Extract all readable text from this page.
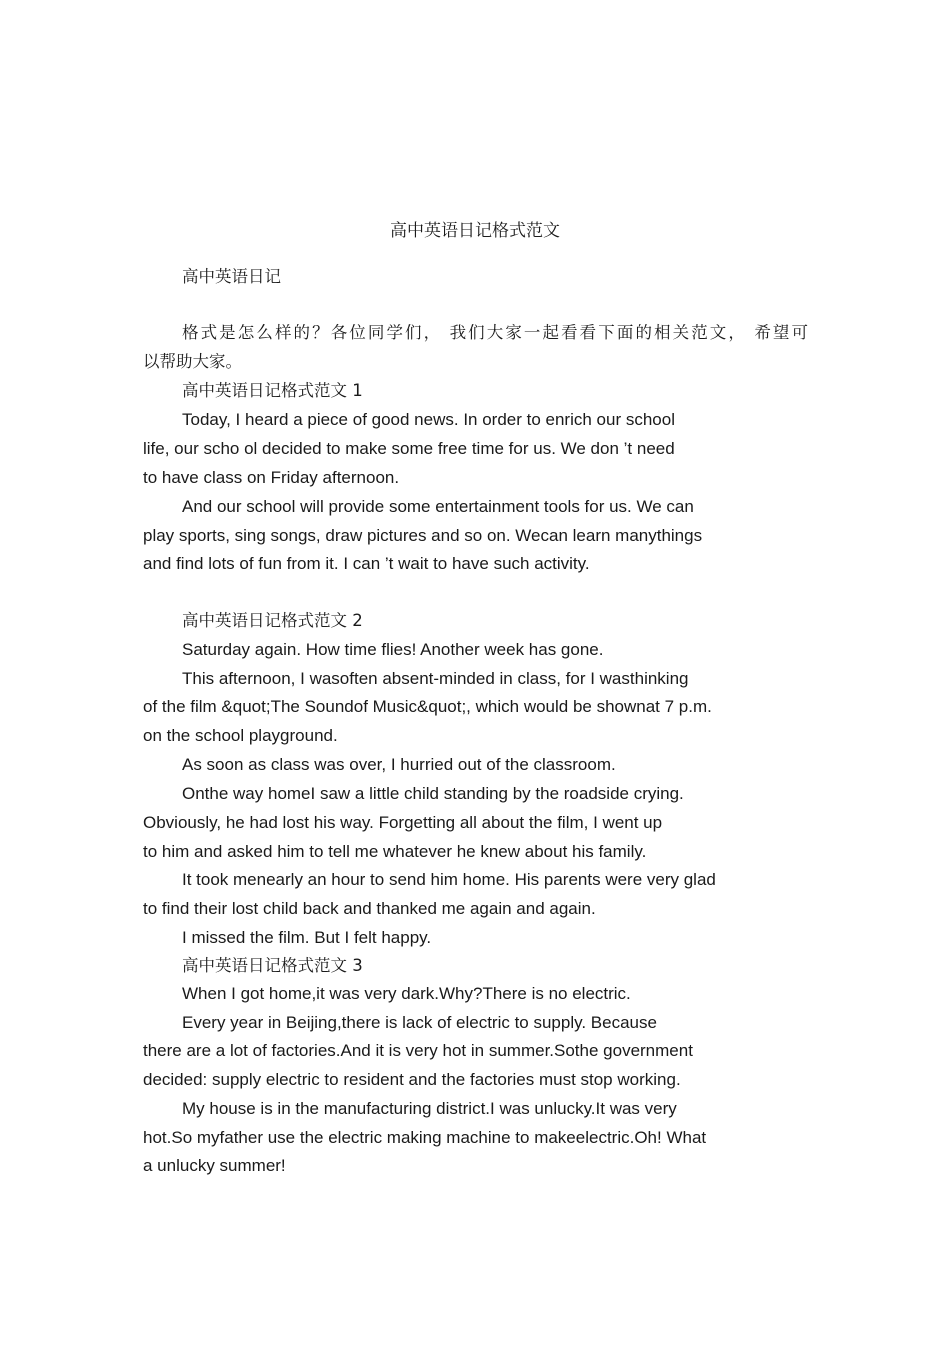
高中英语日记格式范文
高中英语日记
格式是怎么样的？各位同学们， 我们大家一起看看下面的相关范文， 希望可
以帮助大家。
高中英语日记格式范文 1
Today, I heard a piece of good news. In order to enrich our school
life, our scho ol decided to make some free time for us. We don ’t need
to have class on Friday afternoon.
And our school will provide some entertainment tools for us. We can
play sports, sing songs, draw pictures and so on. Wecan learn manythings
and find lots of fun from it. I can ’t wait to have such activity.
高中英语日记格式范文 2
Saturday again. How time flies! Another week has gone.
This afternoon, I wasoften absent-minded in class, for I wasthinking
of the film &quot;The Soundof Music&quot;, which would be shownat 7 p.m.
on the school playground.
As soon as class was over, I hurried out of the classroom.
Onthe way homeI saw a little child standing by the roadside crying.
Obviously, he had lost his way. Forgetting all about the film, I went up
to him and asked him to tell me whatever he knew about his family.
It took menearly an hour to send him home. His parents were very glad
to find their lost child back and thanked me again and again.
I missed the film. But I felt happy.
高中英语日记格式范文 3
When I got home,it was very dark.Why?There is no electric.
Every year in Beijing,there is lack of electric to supply. Because
there are a lot of factories.And it is very hot in summer.Sothe government
decided: supply electric to resident and the factories must stop working.
My house is in the manufacturing district.I was unlucky.It was very
hot.So myfather use the electric making machine to makeelectric.Oh! What
a unlucky summer!
